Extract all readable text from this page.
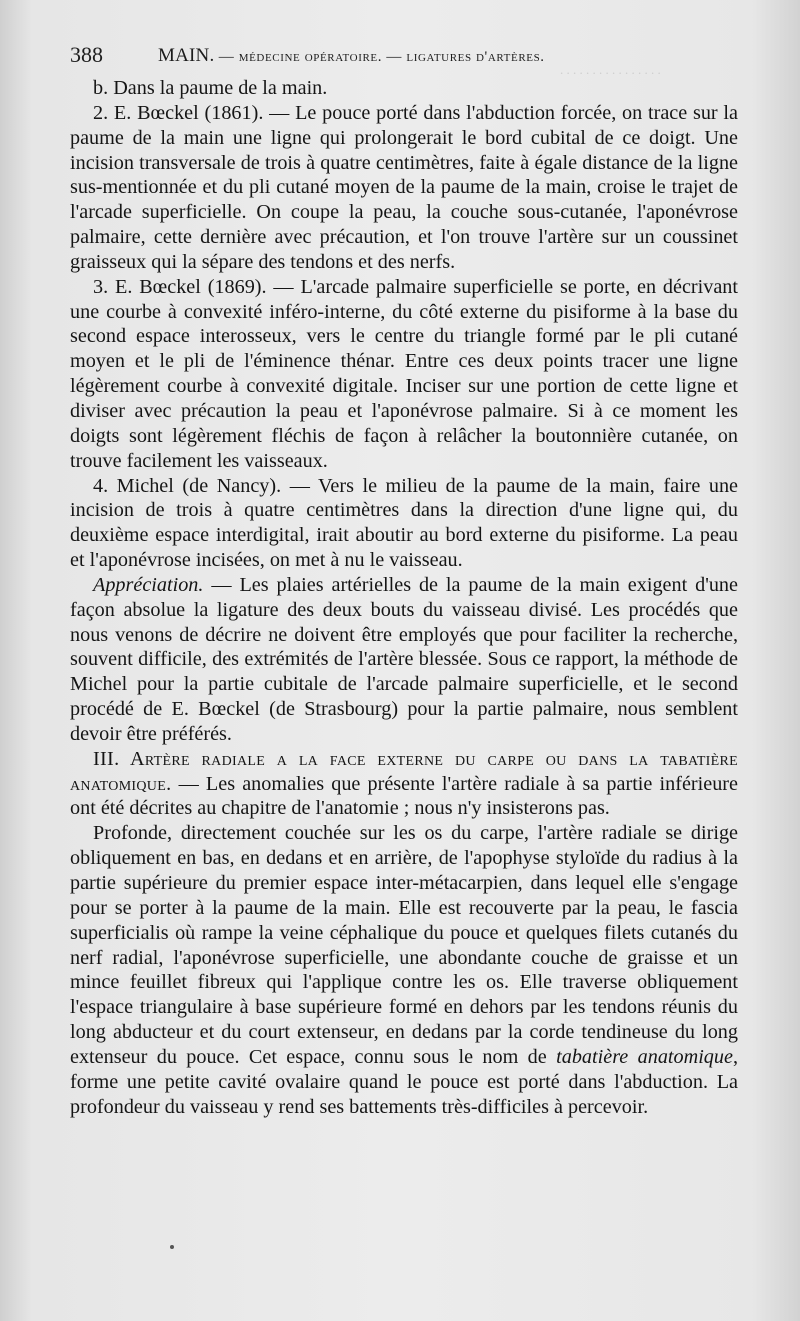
. . . . . . . . . . . . . . . .
388	MAIN. — médecine opératoire. — ligatures d'artères.

b. Dans la paume de la main.

2. E. Bœckel (1861). — Le pouce porté dans l'abduction forcée, on trace sur la paume de la main une ligne qui prolongerait le bord cubital de ce doigt. Une incision transversale de trois à quatre centimètres, faite à égale distance de la ligne sus-mentionnée et du pli cutané moyen de la paume de la main, croise le trajet de l'arcade superficielle. On coupe la peau, la couche sous-cutanée, l'aponévrose palmaire, cette dernière avec précaution, et l'on trouve l'artère sur un coussinet graisseux qui la sépare des tendons et des nerfs.

3. E. Bœckel (1869). — L'arcade palmaire superficielle se porte, en décrivant une courbe à convexité inféro-interne, du côté externe du pisiforme à la base du second espace interosseux, vers le centre du triangle formé par le pli cutané moyen et le pli de l'éminence thénar. Entre ces deux points tracer une ligne légèrement courbe à convexité digitale. Inciser sur une portion de cette ligne et diviser avec précaution la peau et l'aponévrose palmaire. Si à ce moment les doigts sont légèrement fléchis de façon à relâcher la boutonnière cutanée, on trouve facilement les vaisseaux.

4. Michel (de Nancy). — Vers le milieu de la paume de la main, faire une incision de trois à quatre centimètres dans la direction d'une ligne qui, du deuxième espace interdigital, irait aboutir au bord externe du pisiforme. La peau et l'aponévrose incisées, on met à nu le vaisseau.

Appréciation. — Les plaies artérielles de la paume de la main exigent d'une façon absolue la ligature des deux bouts du vaisseau divisé. Les procédés que nous venons de décrire ne doivent être employés que pour faciliter la recherche, souvent difficile, des extrémités de l'artère blessée. Sous ce rapport, la méthode de Michel pour la partie cubitale de l'arcade palmaire superficielle, et le second procédé de E. Bœckel (de Strasbourg) pour la partie palmaire, nous semblent devoir être préférés.

III. Artère radiale a la face externe du carpe ou dans la tabatière anatomique. — Les anomalies que présente l'artère radiale à sa partie inférieure ont été décrites au chapitre de l'anatomie ; nous n'y insisterons pas.

Profonde, directement couchée sur les os du carpe, l'artère radiale se dirige obliquement en bas, en dedans et en arrière, de l'apophyse styloïde du radius à la partie supérieure du premier espace inter-métacarpien, dans lequel elle s'engage pour se porter à la paume de la main. Elle est recouverte par la peau, le fascia superficialis où rampe la veine céphalique du pouce et quelques filets cutanés du nerf radial, l'aponévrose superficielle, une abondante couche de graisse et un mince feuillet fibreux qui l'applique contre les os. Elle traverse obliquement l'espace triangulaire à base supérieure formé en dehors par les tendons réunis du long abducteur et du court extenseur, en dedans par la corde tendineuse du long extenseur du pouce. Cet espace, connu sous le nom de tabatière anatomique, forme une petite cavité ovalaire quand le pouce est porté dans l'abduction. La profondeur du vaisseau y rend ses battements très-difficiles à percevoir.
